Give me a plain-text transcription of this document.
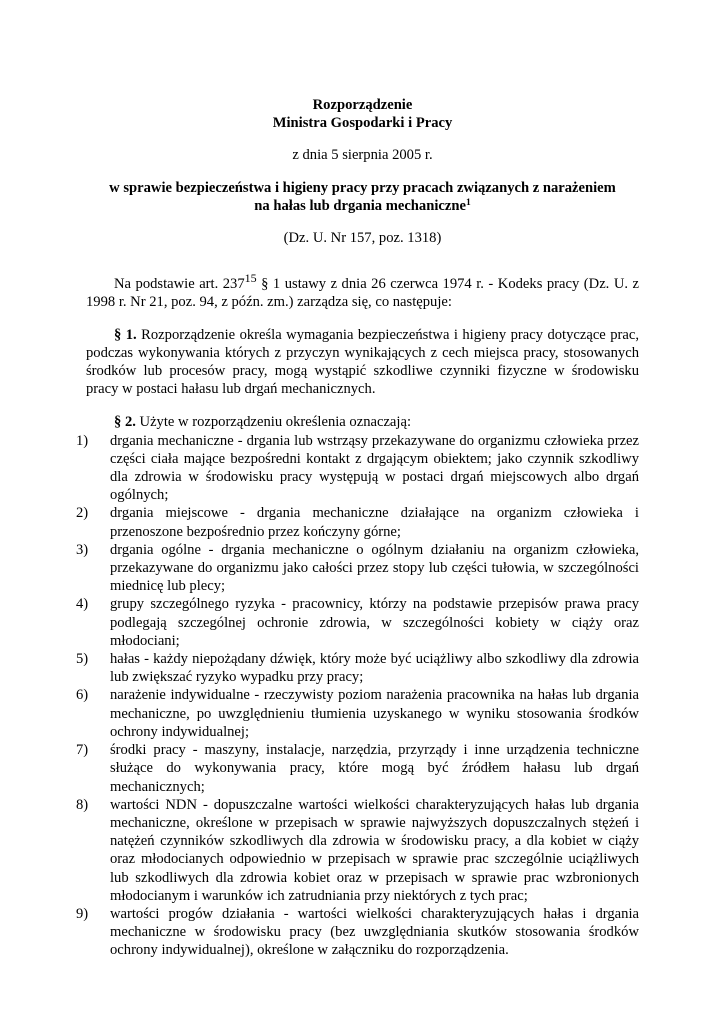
Rozporządzenie
Ministra Gospodarki i Pracy
z dnia 5 sierpnia 2005 r.
w sprawie bezpieczeństwa i higieny pracy przy pracach związanych z narażeniem
na hałas lub drgania mechaniczne$^1$
(Dz. U. Nr 157, poz. 1318)
Na podstawie art. $237^{15}$ § 1 ustawy z dnia 26 czerwca 1974 r. - Kodeks pracy (Dz. U. z 1998 r. Nr 21, poz. 94, z późn. zm.) zarządza się, co następuje:
§ 1. Rozporządzenie określa wymagania bezpieczeństwa i higieny pracy dotyczące prac, podczas wykonywania których z przyczyn wynikających z cech miejsca pracy, stosowanych środków lub procesów pracy, mogą wystąpić szkodliwe czynniki fizyczne w środowisku pracy w postaci hałasu lub drgań mechanicznych.
§ 2. Użyte w rozporządzeniu określenia oznaczają:
1)	drgania mechaniczne - drgania lub wstrząsy przekazywane do organizmu człowieka przez części ciała mające bezpośredni kontakt z drgającym obiektem; jako czynnik szkodliwy dla zdrowia w środowisku pracy występują w postaci drgań miejscowych albo drgań ogólnych;
2)	drgania miejscowe - drgania mechaniczne działające na organizm człowieka i przenoszone bezpośrednio przez kończyny górne;
3)	drgania ogólne - drgania mechaniczne o ogólnym działaniu na organizm człowieka, przekazywane do organizmu jako całości przez stopy lub części tułowia, w szczególności miednicę lub plecy;
4)	grupy szczególnego ryzyka - pracownicy, którzy na podstawie przepisów prawa pracy podlegają szczególnej ochronie zdrowia, w szczególności kobiety w ciąży oraz młodociani;
5)	hałas - każdy niepożądany dźwięk, który może być uciążliwy albo szkodliwy dla zdrowia lub zwiększać ryzyko wypadku przy pracy;
6)	narażenie indywidualne - rzeczywisty poziom narażenia pracownika na hałas lub drgania mechaniczne, po uwzględnieniu tłumienia uzyskanego w wyniku stosowania środków ochrony indywidualnej;
7)	środki pracy - maszyny, instalacje, narzędzia, przyrządy i inne urządzenia techniczne służące do wykonywania pracy, które mogą być źródłem hałasu lub drgań mechanicznych;
8)	wartości NDN - dopuszczalne wartości wielkości charakteryzujących hałas lub drgania mechaniczne, określone w przepisach w sprawie najwyższych dopuszczalnych stężeń i natężeń czynników szkodliwych dla zdrowia w środowisku pracy, a dla kobiet w ciąży oraz młodocianych odpowiednio w przepisach w sprawie prac szczególnie uciążliwych lub szkodliwych dla zdrowia kobiet oraz w przepisach w sprawie prac wzbronionych młodocianym i warunków ich zatrudniania przy niektórych z tych prac;
9)	wartości progów działania - wartości wielkości charakteryzujących hałas i drgania mechaniczne w środowisku pracy (bez uwzględniania skutków stosowania środków ochrony indywidualnej), określone w załączniku do rozporządzenia.
